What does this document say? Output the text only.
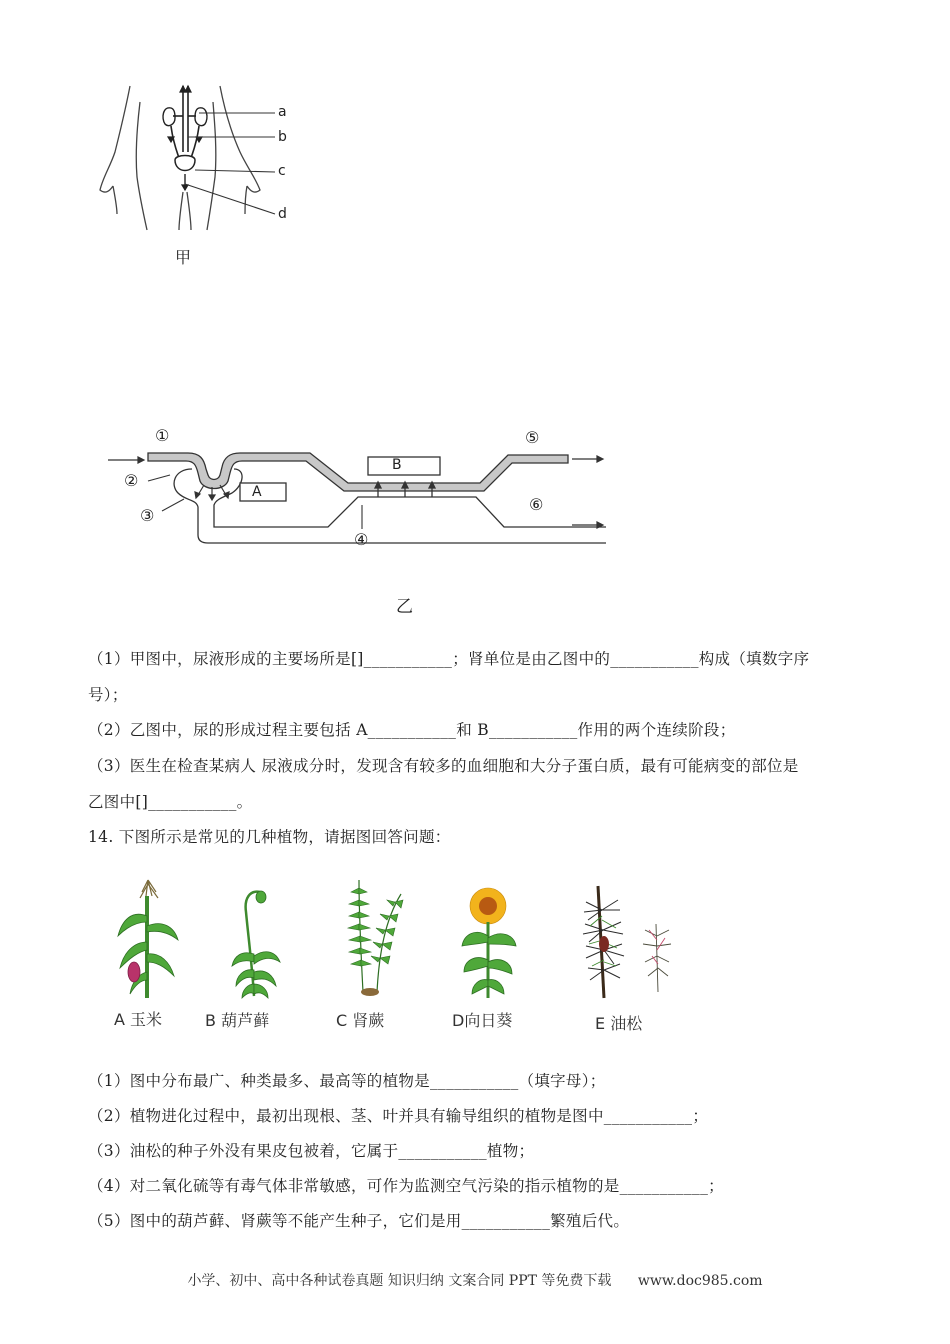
a
b
c
d
甲
A
B
①
②
③
④
⑤
⑥
乙
（1）甲图中，尿液形成的主要场所是[]___________；肾单位是由乙图中的___________构成（填数字序
号）；
（2）乙图中，尿的形成过程主要包括 A___________和 B___________作用的两个连续阶段；
（3）医生在检查某病人 尿液成分时，发现含有较多的血细胞和大分子蛋白质，最有可能病变的部位是
乙图中[]___________。
14. 下图所示是常见的几种植物，请据图回答问题：
A 玉米	B 葫芦藓	C 肾蕨	D向日葵	E 油松
（1）图中分布最广、种类最多、最高等的植物是___________（填字母）；
（2）植物进化过程中，最初出现根、茎、叶并具有输导组织的植物是图中___________；
（3）油松的种子外没有果皮包被着，它属于___________植物；
（4）对二氧化硫等有毒气体非常敏感，可作为监测空气污染的指示植物的是___________；
（5）图中的葫芦藓、肾蕨等不能产生种子，它们是用___________繁殖后代。
小学、初中、高中各种试卷真题 知识归纳 文案合同 PPT 等免费下载 www.doc985.com
